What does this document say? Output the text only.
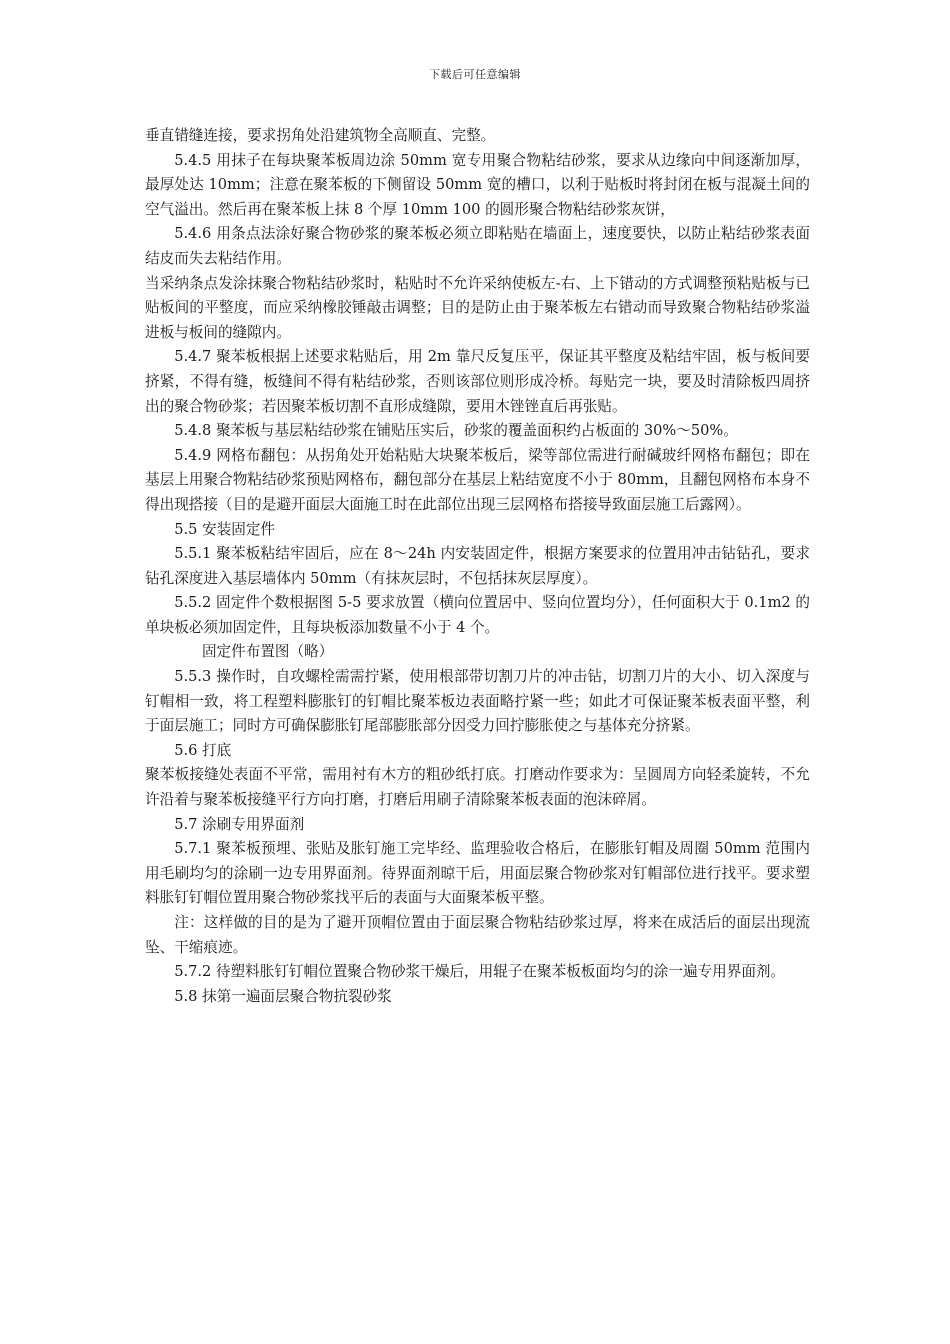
下载后可任意编辑

垂直错缝连接，要求拐角处沿建筑物全高顺直、完整。

5.4.5 用抹子在每块聚苯板周边涂 50mm 宽专用聚合物粘结砂浆，要求从边缘向中间逐渐加厚，最厚处达 10mm；注意在聚苯板的下侧留设 50mm 宽的槽口，以利于贴板时将封闭在板与混凝土间的空气溢出。然后再在聚苯板上抹 8 个厚 10mm 100 的圆形聚合物粘结砂浆灰饼，

5.4.6 用条点法涂好聚合物砂浆的聚苯板必须立即粘贴在墙面上，速度要快，以防止粘结砂浆表面结皮而失去粘结作用。

当采纳条点发涂抹聚合物粘结砂浆时，粘贴时不允许采纳使板左-右、上下错动的方式调整预粘贴板与已贴板间的平整度，而应采纳橡胶锤敲击调整；目的是防止由于聚苯板左右错动而导致聚合物粘结砂浆溢进板与板间的缝隙内。

5.4.7 聚苯板根据上述要求粘贴后，用 2m 靠尺反复压平，保证其平整度及粘结牢固，板与板间要挤紧，不得有缝，板缝间不得有粘结砂浆，否则该部位则形成冷桥。每贴完一块，要及时清除板四周挤出的聚合物砂浆；若因聚苯板切割不直形成缝隙，要用木锉锉直后再张贴。

5.4.8 聚苯板与基层粘结砂浆在铺贴压实后，砂浆的覆盖面积约占板面的 30%～50%。

5.4.9 网格布翻包：从拐角处开始粘贴大块聚苯板后，梁等部位需进行耐碱玻纤网格布翻包；即在基层上用聚合物粘结砂浆预贴网格布，翻包部分在基层上粘结宽度不小于 80mm，且翻包网格布本身不得出现搭接（目的是避开面层大面施工时在此部位出现三层网格布搭接导致面层施工后露网）。

5.5 安装固定件

5.5.1 聚苯板粘结牢固后，应在 8～24h 内安装固定件，根据方案要求的位置用冲击钻钻孔，要求钻孔深度进入基层墙体内 50mm（有抹灰层时，不包括抹灰层厚度）。

5.5.2 固定件个数根据图 5-5 要求放置（横向位置居中、竖向位置均分），任何面积大于 0.1m2 的单块板必须加固定件，且每块板添加数量不小于 4 个。

固定件布置图（略）

5.5.3 操作时，自攻螺栓需需拧紧，使用根部带切割刀片的冲击钻，切割刀片的大小、切入深度与钉帽相一致，将工程塑料膨胀钉的钉帽比聚苯板边表面略拧紧一些；如此才可保证聚苯板表面平整，利于面层施工；同时方可确保膨胀钉尾部膨胀部分因受力回拧膨胀使之与基体充分挤紧。

5.6 打底

聚苯板接缝处表面不平常，需用衬有木方的粗砂纸打底。打磨动作要求为：呈圆周方向轻柔旋转，不允许沿着与聚苯板接缝平行方向打磨，打磨后用刷子清除聚苯板表面的泡沫碎屑。

5.7 涂刷专用界面剂

5.7.1 聚苯板预埋、张贴及胀钉施工完毕经、监理验收合格后，在膨胀钉帽及周圈 50mm 范围内用毛刷均匀的涂刷一边专用界面剂。待界面剂晾干后，用面层聚合物砂浆对钉帽部位进行找平。要求塑料胀钉钉帽位置用聚合物砂浆找平后的表面与大面聚苯板平整。

注：这样做的目的是为了避开顶帽位置由于面层聚合物粘结砂浆过厚，将来在成活后的面层出现流坠、干缩痕迹。

5.7.2 待塑料胀钉钉帽位置聚合物砂浆干燥后，用辊子在聚苯板板面均匀的涂一遍专用界面剂。

5.8 抹第一遍面层聚合物抗裂砂浆
